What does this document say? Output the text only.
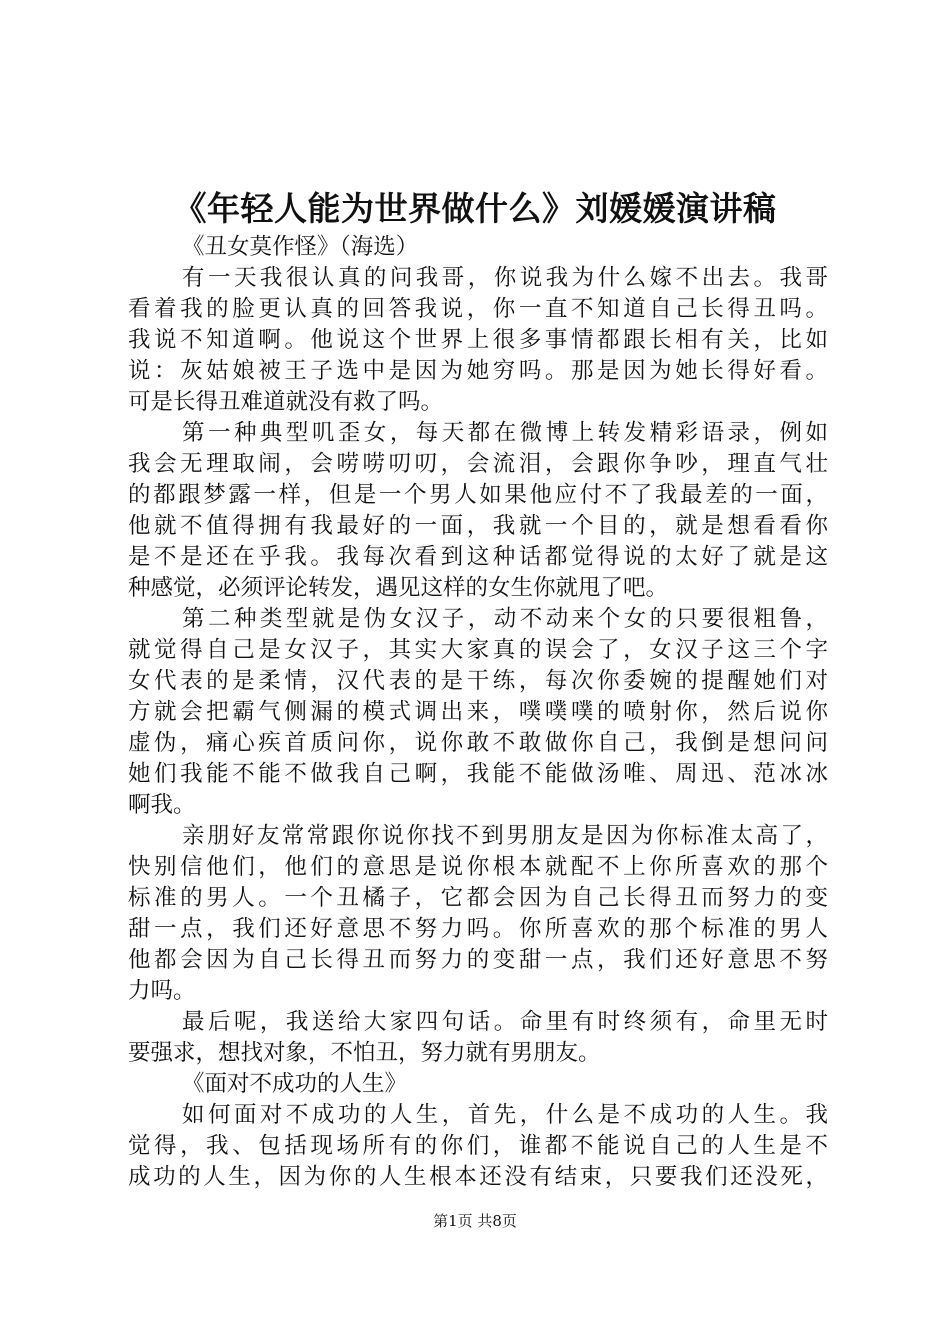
《年轻人能为世界做什么》刘媛媛演讲稿
《丑女莫作怪》（海选）
有一天我很认真的问我哥，你说我为什么嫁不出去。我哥
看着我的脸更认真的回答我说，你一直不知道自己长得丑吗。
我说不知道啊。他说这个世界上很多事情都跟长相有关，比如
说：灰姑娘被王子选中是因为她穷吗。那是因为她长得好看。
可是长得丑难道就没有救了吗。
第一种典型叽歪女，每天都在微博上转发精彩语录，例如
我会无理取闹，会唠唠叨叨，会流泪，会跟你争吵，理直气壮
的都跟梦露一样，但是一个男人如果他应付不了我最差的一面，
他就不值得拥有我最好的一面，我就一个目的，就是想看看你
是不是还在乎我。我每次看到这种话都觉得说的太好了就是这
种感觉，必须评论转发，遇见这样的女生你就甩了吧。
第二种类型就是伪女汉子，动不动来个女的只要很粗鲁，
就觉得自己是女汉子，其实大家真的误会了，女汉子这三个字
女代表的是柔情，汉代表的是干练，每次你委婉的提醒她们对
方就会把霸气侧漏的模式调出来，噗噗噗的喷射你，然后说你
虚伪，痛心疾首质问你，说你敢不敢做你自己，我倒是想问问
她们我能不能不做我自己啊，我能不能做汤唯、周迅、范冰冰
啊我。
亲朋好友常常跟你说你找不到男朋友是因为你标准太高了，
快别信他们，他们的意思是说你根本就配不上你所喜欢的那个
标准的男人。一个丑橘子，它都会因为自己长得丑而努力的变
甜一点，我们还好意思不努力吗。你所喜欢的那个标准的男人
他都会因为自己长得丑而努力的变甜一点，我们还好意思不努
力吗。
最后呢，我送给大家四句话。命里有时终须有，命里无时
要强求，想找对象，不怕丑，努力就有男朋友。
《面对不成功的人生》
如何面对不成功的人生，首先，什么是不成功的人生。我
觉得，我、包括现场所有的你们，谁都不能说自己的人生是不
成功的人生，因为你的人生根本还没有结束，只要我们还没死，
第1页 共8页
